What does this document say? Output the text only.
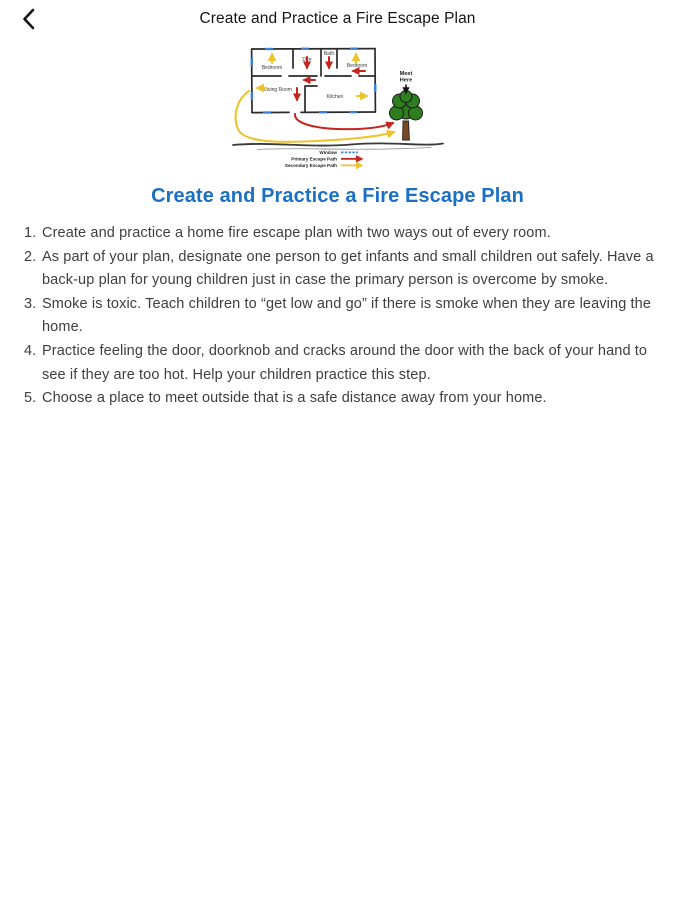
Create and Practice a Fire Escape Plan
Bedroom
Den
Bath
Bedroom
Living Room
Kitchen
Meet
Here
Window
Primary Escape Path
Secondary Escape Path
Create and Practice a Fire Escape Plan
1. Create and practice a home fire escape plan with two ways out of every room.
2. As part of your plan, designate one person to get infants and small children out safely. Have a back-up plan for young children just in case the primary person is overcome by smoke.
3. Smoke is toxic. Teach children to “get low and go” if there is smoke when they are leaving the home.
4. Practice feeling the door, doorknob and cracks around the door with the back of your hand to see if they are too hot. Help your children practice this step.
5. Choose a place to meet outside that is a safe distance away from your home.
